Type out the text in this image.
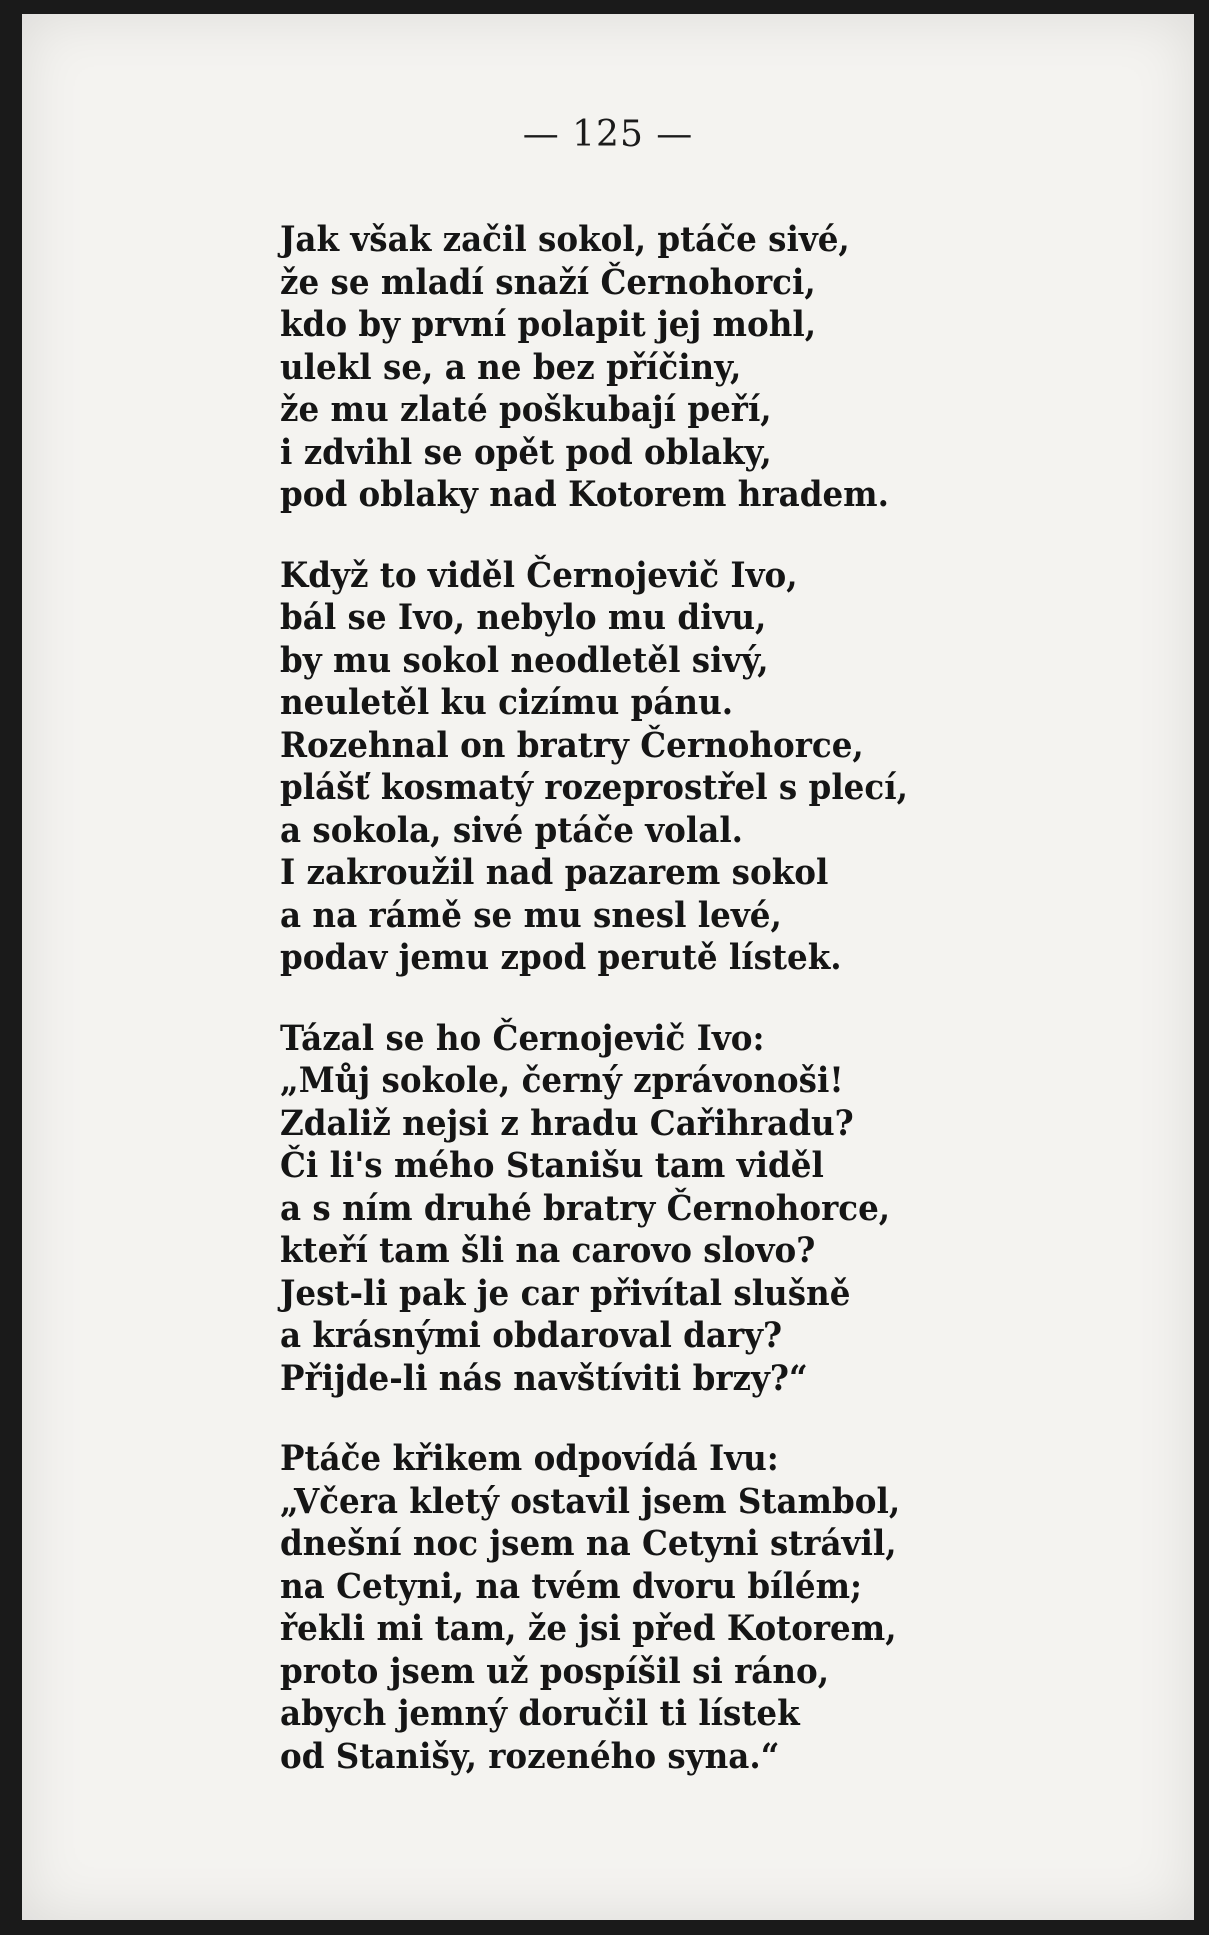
— 125 —
Jak však začil sokol, ptáče sivé,
že se mladí snaží Černohorci,
kdo by první polapit jej mohl,
ulekl se, a ne bez příčiny,
že mu zlaté poškubají peří,
i zdvihl se opět pod oblaky,
pod oblaky nad Kotorem hradem.
Když to viděl Černojevič Ivo,
bál se Ivo, nebylo mu divu,
by mu sokol neodletěl sivý,
neuletěl ku cizímu pánu.
Rozehnal on bratry Černohorce,
plášť kosmatý rozeprostřel s plecí,
a sokola, sivé ptáče volal.
I zakroužil nad pazarem sokol
a na rámě se mu snesl levé,
podav jemu zpod perutě lístek.
Tázal se ho Černojevič Ivo:
„Můj sokole, černý zprávonoši!
Zdaliž nejsi z hradu Cařihradu?
Či li's mého Stanišu tam viděl
a s ním druhé bratry Černohorce,
kteří tam šli na carovo slovo?
Jest-li pak je car přivítal slušně
a krásnými obdaroval dary?
Přijde-li nás navštíviti brzy?“
Ptáče křikem odpovídá Ivu:
„Včera kletý ostavil jsem Stambol,
dnešní noc jsem na Cetyni strávil,
na Cetyni, na tvém dvoru bílém;
řekli mi tam, že jsi před Kotorem,
proto jsem už pospíšil si ráno,
abych jemný doručil ti lístek
od Stanišy, rozeného syna.“
